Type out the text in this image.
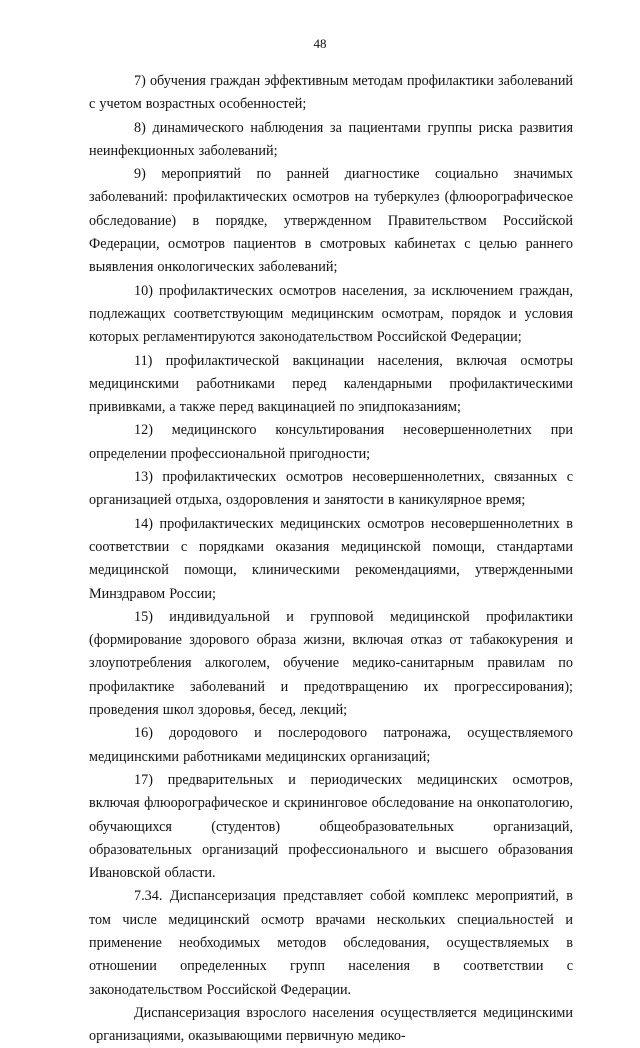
48

7) обучения граждан эффективным методам профилактики заболеваний с учетом возрастных особенностей;

8) динамического наблюдения за пациентами группы риска развития неинфекционных заболеваний;

9) мероприятий по ранней диагностике социально значимых заболеваний: профилактических осмотров на туберкулез (флюорографическое обследование) в порядке, утвержденном Правительством Российской Федерации, осмотров пациентов в смотровых кабинетах с целью раннего выявления онкологических заболеваний;

10) профилактических осмотров населения, за исключением граждан, подлежащих соответствующим медицинским осмотрам, порядок и условия которых регламентируются законодательством Российской Федерации;

11) профилактической вакцинации населения, включая осмотры медицинскими работниками перед календарными профилактическими прививками, а также перед вакцинацией по эпидпоказаниям;

12) медицинского консультирования несовершеннолетних при определении профессиональной пригодности;

13) профилактических осмотров несовершеннолетних, связанных с организацией отдыха, оздоровления и занятости в каникулярное время;

14) профилактических медицинских осмотров несовершеннолетних в соответствии с порядками оказания медицинской помощи, стандартами медицинской помощи, клиническими рекомендациями, утвержденными Минздравом России;

15) индивидуальной и групповой медицинской профилактики (формирование здорового образа жизни, включая отказ от табакокурения и злоупотребления алкоголем, обучение медико-санитарным правилам по профилактике заболеваний и предотвращению их прогрессирования); проведения школ здоровья, бесед, лекций;

16) дородового и послеродового патронажа, осуществляемого медицинскими работниками медицинских организаций;

17) предварительных и периодических медицинских осмотров, включая флюорографическое и скрининговое обследование на онкопатологию, обучающихся (студентов) общеобразовательных организаций, образовательных организаций профессионального и высшего образования Ивановской области.

7.34. Диспансеризация представляет собой комплекс мероприятий, в том числе медицинский осмотр врачами нескольких специальностей и применение необходимых методов обследования, осуществляемых в отношении определенных групп населения в соответствии с законодательством Российской Федерации.

Диспансеризация взрослого населения осуществляется медицинскими организациями, оказывающими первичную медико-
